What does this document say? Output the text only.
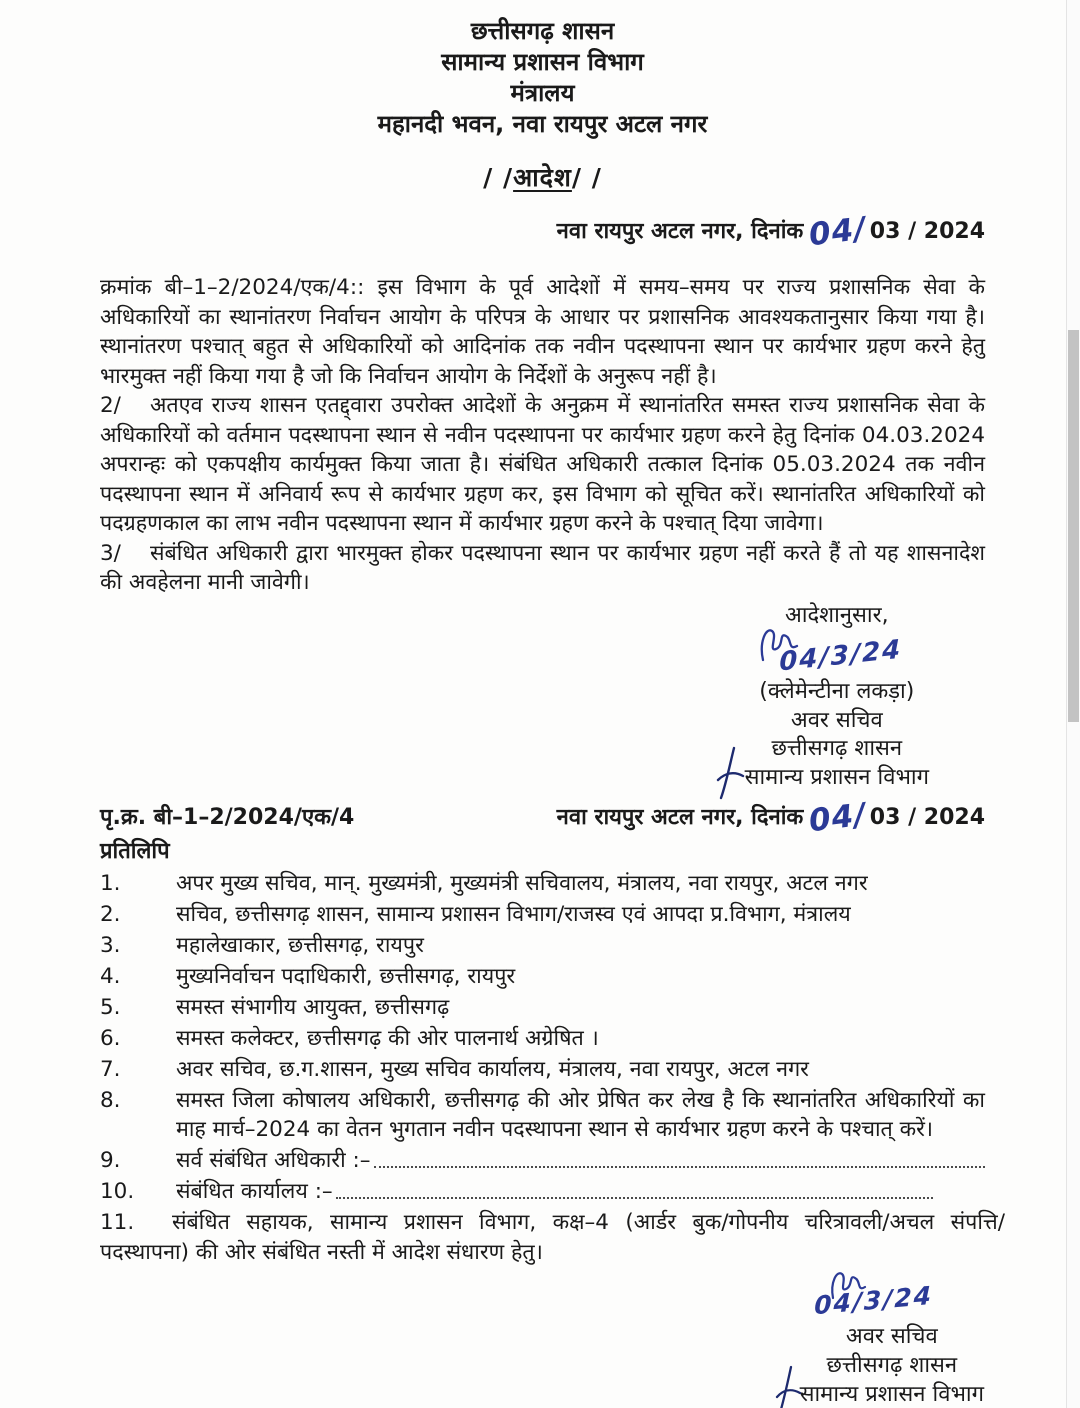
छत्तीसगढ़ शासन
सामान्य प्रशासन विभाग
मंत्रालय
महानदी भवन, नवा रायपुर अटल नगर
/ /आदेश/ /
नवा रायपुर अटल नगर, दिनांक 04/03 / 2024
क्रमांक बी–1–2/2024/एक/4:: इस विभाग के पूर्व आदेशों में समय–समय पर राज्य प्रशासनिक सेवा के अधिकारियों का स्थानांतरण निर्वाचन आयोग के परिपत्र के आधार पर प्रशासनिक आवश्यकतानुसार किया गया है। स्थानांतरण पश्चात् बहुत से अधिकारियों को आदिनांक तक नवीन पदस्थापना स्थान पर कार्यभार ग्रहण करने हेतु भारमुक्त नहीं किया गया है जो कि निर्वाचन आयोग के निर्देशों के अनुरूप नहीं है।
2/ अतएव राज्य शासन एतद्द्वारा उपरोक्त आदेशों के अनुक्रम में स्थानांतरित समस्त राज्य प्रशासनिक सेवा के अधिकारियों को वर्तमान पदस्थापना स्थान से नवीन पदस्थापना पर कार्यभार ग्रहण करने हेतु दिनांक 04.03.2024 अपरान्हः को एकपक्षीय कार्यमुक्त किया जाता है। संबंधित अधिकारी तत्काल दिनांक 05.03.2024 तक नवीन पदस्थापना स्थान में अनिवार्य रूप से कार्यभार ग्रहण कर, इस विभाग को सूचित करें। स्थानांतरित अधिकारियों को पदग्रहणकाल का लाभ नवीन पदस्थापना स्थान में कार्यभार ग्रहण करने के पश्चात् दिया जावेगा।
3/ संबंधित अधिकारी द्वारा भारमुक्त होकर पदस्थापना स्थान पर कार्यभार ग्रहण नहीं करते हैं तो यह शासनादेश की अवहेलना मानी जावेगी।
आदेशानुसार,
04/3/24
(क्लेमेन्टीना लकड़ा)
अवर सचिव
छत्तीसगढ़ शासन
सामान्य प्रशासन विभाग
पृ.क्र. बी–1–2/2024/एक/4	नवा रायपुर अटल नगर, दिनांक 04/03 / 2024
प्रतिलिपि
1.	अपर मुख्य सचिव, मान्. मुख्यमंत्री, मुख्यमंत्री सचिवालय, मंत्रालय, नवा रायपुर, अटल नगर
2.	सचिव, छत्तीसगढ़ शासन, सामान्य प्रशासन विभाग/राजस्व एवं आपदा प्र.विभाग, मंत्रालय
3.	महालेखाकार, छत्तीसगढ़, रायपुर
4.	मुख्यनिर्वाचन पदाधिकारी, छत्तीसगढ़, रायपुर
5.	समस्त संभागीय आयुक्त, छत्तीसगढ़
6.	समस्त कलेक्टर, छत्तीसगढ़ की ओर पालनार्थ अग्रेषित ।
7.	अवर सचिव, छ.ग.शासन, मुख्य सचिव कार्यालय, मंत्रालय, नवा रायपुर, अटल नगर
8.	समस्त जिला कोषालय अधिकारी, छत्तीसगढ़ की ओर प्रेषित कर लेख है कि स्थानांतरित अधिकारियों का माह मार्च–2024 का वेतन भुगतान नवीन पदस्थापना स्थान से कार्यभार ग्रहण करने के पश्चात् करें।
9.	सर्व संबंधित अधिकारी :–
10.	संबंधित कार्यालय :–
11. संबंधित सहायक, सामान्य प्रशासन विभाग, कक्ष–4 (आर्डर बुक/गोपनीय चरित्रावली/अचल संपत्ति/पदस्थापना) की ओर संबंधित नस्ती में आदेश संधारण हेतु।
04/3/24
अवर सचिव
छत्तीसगढ़ शासन
सामान्य प्रशासन विभाग
